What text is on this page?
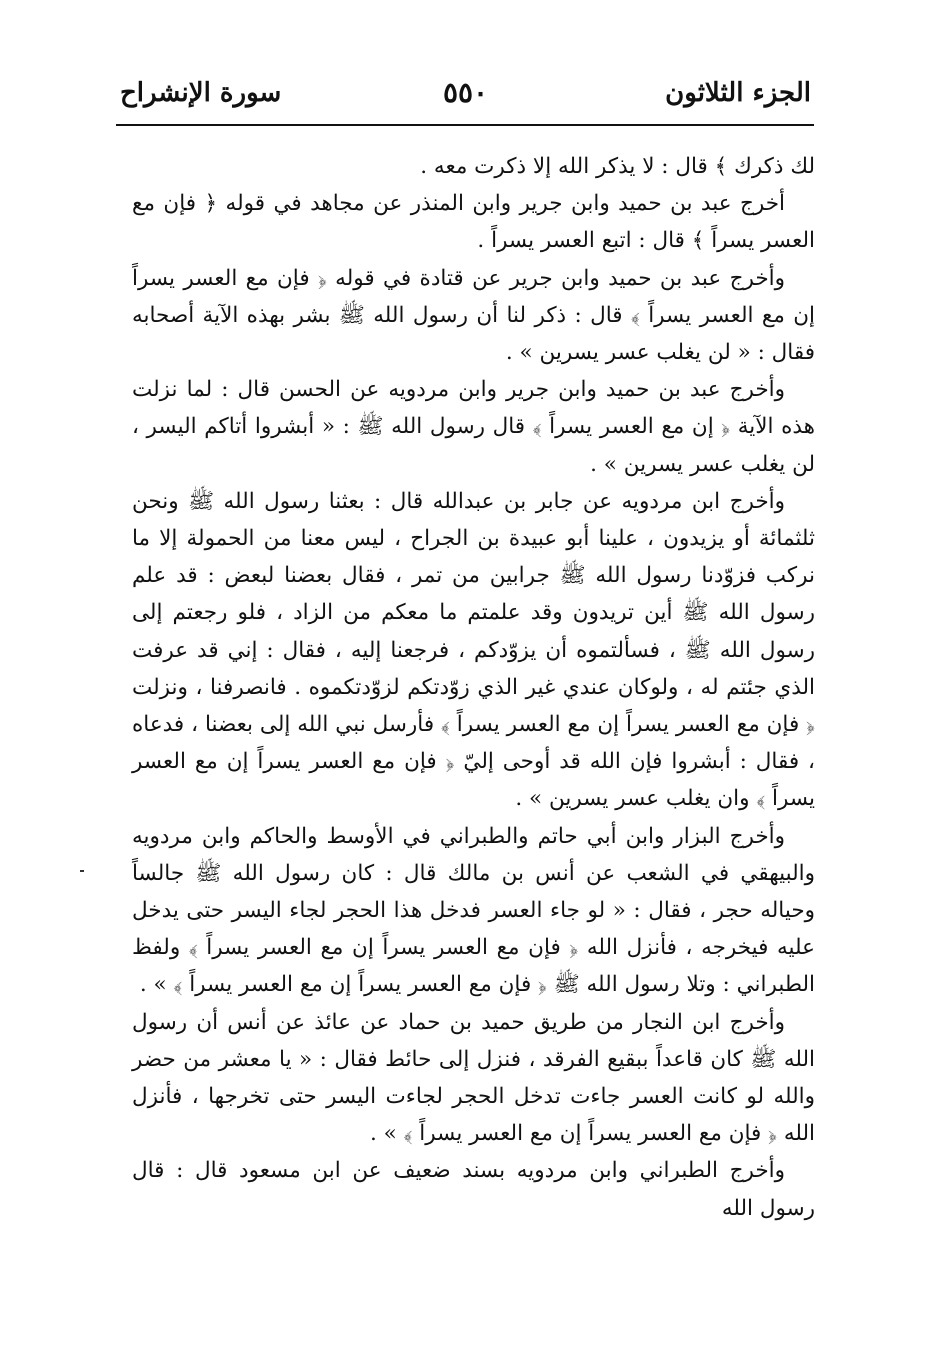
الجزء الثلاثون
٥٥٠
سورة الإنشراح

لك ذكرك ﴾ قال : لا يذكر الله إلا ذكرت معه .

أخرج عبد بن حميد وابن جرير وابن المنذر عن مجاهد في قوله ﴿ فإن مع العسر يسراً ﴾ قال : اتبع العسر يسراً .

وأخرج عبد بن حميد وابن جرير عن قتادة في قوله ﴿ فإن مع العسر يسراً إن مع العسر يسراً ﴾ قال : ذكر لنا أن رسول الله ﷺ بشر بهذه الآية أصحابه فقال : « لن يغلب عسر يسرين » .

وأخرج عبد بن حميد وابن جرير وابن مردويه عن الحسن قال : لما نزلت هذه الآية ﴿ إن مع العسر يسراً ﴾ قال رسول الله ﷺ : « أبشروا أتاكم اليسر ، لن يغلب عسر يسرين » .

وأخرج ابن مردويه عن جابر بن عبدالله قال : بعثنا رسول الله ﷺ ونحن ثلثمائة أو يزيدون ، علينا أبو عبيدة بن الجراح ، ليس معنا من الحمولة إلا ما نركب فزوّدنا رسول الله ﷺ جرابين من تمر ، فقال بعضنا لبعض : قد علم رسول الله ﷺ أين تريدون وقد علمتم ما معكم من الزاد ، فلو رجعتم إلى رسول الله ﷺ ، فسألتموه أن يزوّدكم ، فرجعنا إليه ، فقال : إني قد عرفت الذي جئتم له ، ولوكان عندي غير الذي زوّدتكم لزوّدتكموه . فانصرفنا ، ونزلت ﴿ فإن مع العسر يسراً إن مع العسر يسراً ﴾ فأرسل نبي الله إلى بعضنا ، فدعاه ، فقال : أبشروا فإن الله قد أوحى إليّ ﴿ فإن مع العسر يسراً إن مع العسر يسراً ﴾ وان يغلب عسر يسرين » .

وأخرج البزار وابن أبي حاتم والطبراني في الأوسط والحاكم وابن مردويه والبيهقي في الشعب عن أنس بن مالك قال : كان رسول الله ﷺ جالساً وحياله حجر ، فقال : « لو جاء العسر فدخل هذا الحجر لجاء اليسر حتى يدخل عليه فيخرجه ، فأنزل الله ﴿ فإن مع العسر يسراً إن مع العسر يسراً ﴾ ولفظ الطبراني : وتلا رسول الله ﷺ ﴿ فإن مع العسر يسراً إن مع العسر يسراً ﴾ » .

وأخرج ابن النجار من طريق حميد بن حماد عن عائذ عن أنس أن رسول الله ﷺ كان قاعداً ببقيع الفرقد ، فنزل إلى حائط فقال : « يا معشر من حضر والله لو كانت العسر جاءت تدخل الحجر لجاءت اليسر حتى تخرجها ، فأنزل الله ﴿ فإن مع العسر يسراً إن مع العسر يسراً ﴾ » .

وأخرج الطبراني وابن مردويه بسند ضعيف عن ابن مسعود قال : قال رسول الله
